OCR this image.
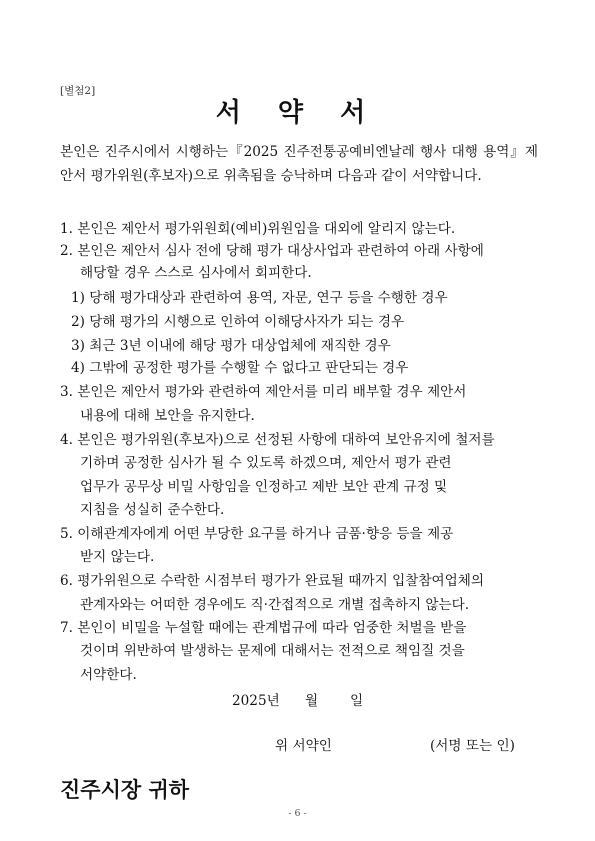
[별첨2]
서 약 서
본인은 진주시에서 시행하는『2025 진주전통공예비엔날레 행사 대행 용역』제안서 평가위원(후보자)으로 위촉됨을 승낙하며 다음과 같이 서약합니다.
1. 본인은 제안서 평가위원회(예비)위원임을 대외에 알리지 않는다.
2. 본인은 제안서 심사 전에 당해 평가 대상사업과 관련하여 아래 사항에
해당할 경우 스스로 심사에서 회피한다.
1) 당해 평가대상과 관련하여 용역, 자문, 연구 등을 수행한 경우
2) 당해 평가의 시행으로 인하여 이해당사자가 되는 경우
3) 최근 3년 이내에 해당 평가 대상업체에 재직한 경우
4) 그밖에 공정한 평가를 수행할 수 없다고 판단되는 경우
3. 본인은 제안서 평가와 관련하여 제안서를 미리 배부할 경우 제안서
내용에 대해 보안을 유지한다.
4. 본인은 평가위원(후보자)으로 선정된 사항에 대하여 보안유지에 철저를
기하며 공정한 심사가 될 수 있도록 하겠으며, 제안서 평가 관련
업무가 공무상 비밀 사항임을 인정하고 제반 보안 관계 규정 및
지침을 성실히 준수한다.
5. 이해관계자에게 어떤 부당한 요구를 하거나 금품·향응 등을 제공
받지 않는다.
6. 평가위원으로 수락한 시점부터 평가가 완료될 때까지 입찰참여업체의
관계자와는 어떠한 경우에도 직·간접적으로 개별 접촉하지 않는다.
7. 본인이 비밀을 누설할 때에는 관계법규에 따라 엄중한 처벌을 받을
것이며 위반하여 발생하는 문제에 대해서는 전적으로 책임질 것을
서약한다.
2025년 월 일
위 서약인	(서명 또는 인)
진주시장 귀하
- 6 -
